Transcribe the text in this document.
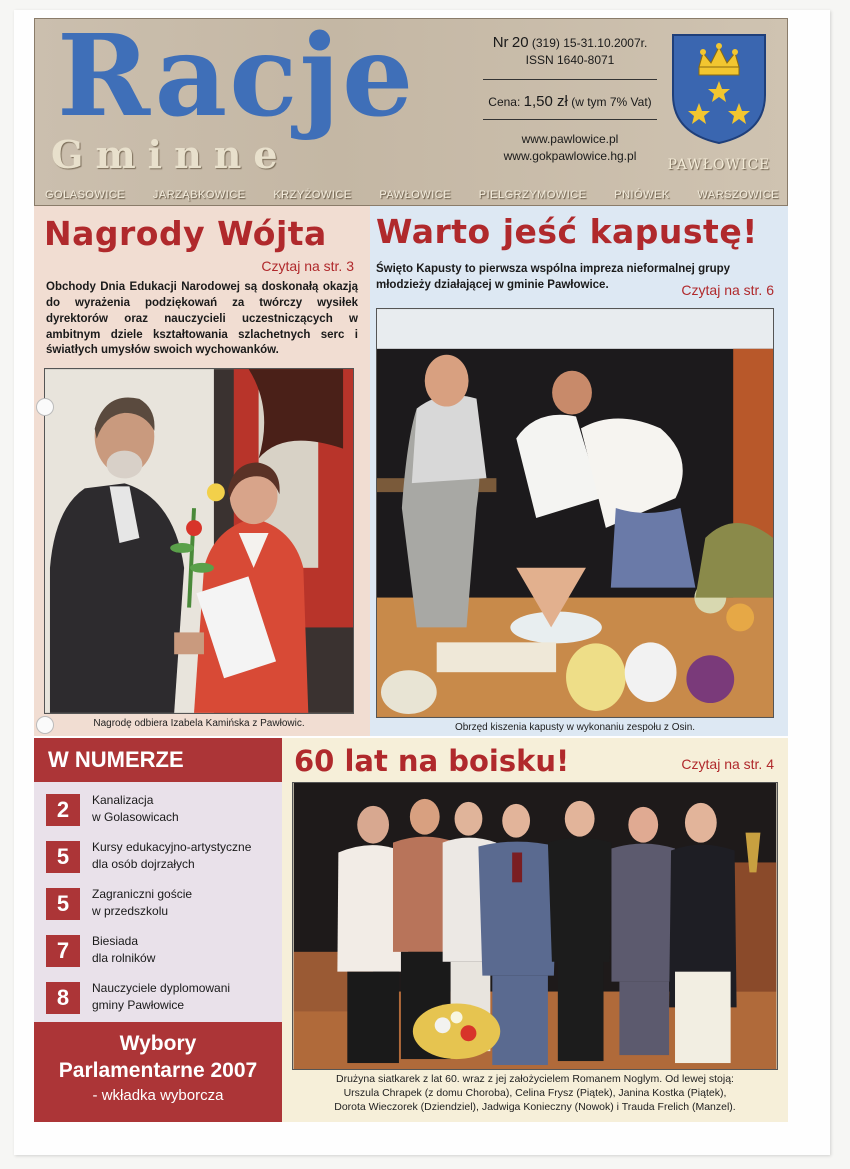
Racje
Gminne
Nr 20 (319) 15-31.10.2007r.
ISSN 1640-8071
Cena: 1,50 zł (w tym 7% Vat)
www.pawlowice.pl
www.gokpawlowice.hg.pl
PAWŁOWICE
GOLASOWICE	JARZĄBKOWICE	KRZYŻOWICE	PAWŁOWICE	PIELGRZYMOWICE	PNIÓWEK	WARSZOWICE
Nagrody Wójta
Czytaj na str. 3
Obchody Dnia Edukacji Narodowej są doskonałą okazją do wyrażenia podziękowań za twórczy wysiłek dyrektorów oraz nauczycieli uczestniczących w ambitnym dziele kształtowania szlachetnych serc i światłych umysłów swoich wychowanków.
Nagrodę odbiera Izabela Kamińska z Pawłowic.
Warto jeść kapustę!
Święto Kapusty to pierwsza wspólna impreza nieformalnej grupy młodzieży działającej w gminie Pawłowice.	Czytaj na str. 6
Obrzęd kiszenia kapusty w wykonaniu zespołu z Osin.
W NUMERZE
2	Kanalizacja
w Golasowicach
5	Kursy edukacyjno-artystyczne
dla osób dojrzałych
5	Zagraniczni goście
w przedszkolu
7	Biesiada
dla rolników
8	Nauczyciele dyplomowani
gminy Pawłowice
Wybory
Parlamentarne 2007
- wkładka wyborcza
60 lat na boisku!	Czytaj na str. 4
Drużyna siatkarek z lat 60. wraz z jej założycielem Romanem Noglym. Od lewej stoją:
Urszula Chrapek (z domu Choroba), Celina Frysz (Piątek), Janina Kostka (Piątek),
Dorota Wieczorek (Dziendziel), Jadwiga Konieczny (Nowok) i Trauda Frelich (Manzel).
